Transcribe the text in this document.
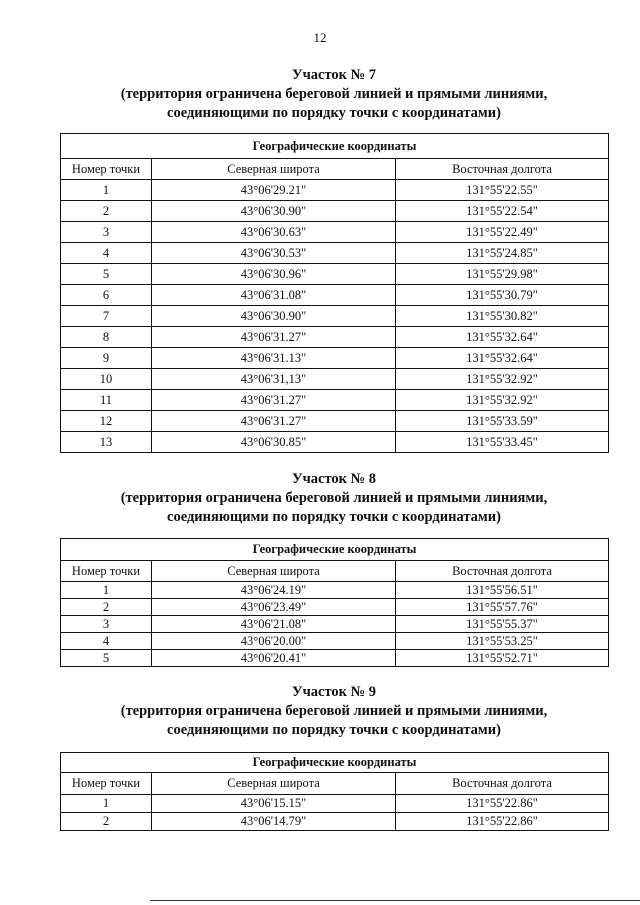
12
Участок № 7
(территория ограничена береговой линией и прямыми линиями,
соединяющими по порядку точки с координатами)
Географические координаты		
Номер точки	Северная широта	Восточная долгота
1	43°06'29.21"	131°55'22.55"
2	43°06'30.90"	131°55'22.54"
3	43°06'30.63"	131°55'22.49"
4	43°06'30.53"	131°55'24.85"
5	43°06'30.96"	131°55'29.98"
6	43°06'31.08"	131°55'30.79"
7	43°06'30.90"	131°55'30.82"
8	43°06'31.27"	131°55'32.64"
9	43°06'31.13"	131°55'32.64"
10	43°06'31,13"	131°55'32.92"
11	43°06'31.27"	131°55'32.92"
12	43°06'31.27"	131°55'33.59"
13	43°06'30.85"	131°55'33.45"
Участок № 8
(территория ограничена береговой линией и прямыми линиями,
соединяющими по порядку точки с координатами)
Географические координаты		
Номер точки	Северная широта	Восточная долгота
1	43°06'24.19"	131°55'56.51"
2	43°06'23.49"	131°55'57.76"
3	43°06'21.08"	131°55'55.37"
4	43°06'20.00"	131°55'53.25"
5	43°06'20.41"	131°55'52.71"
Участок № 9
(территория ограничена береговой линией и прямыми линиями,
соединяющими по порядку точки с координатами)
Географические координаты		
Номер точки	Северная широта	Восточная долгота
1	43°06'15.15"	131°55'22.86"
2	43°06'14.79"	131°55'22.86"
